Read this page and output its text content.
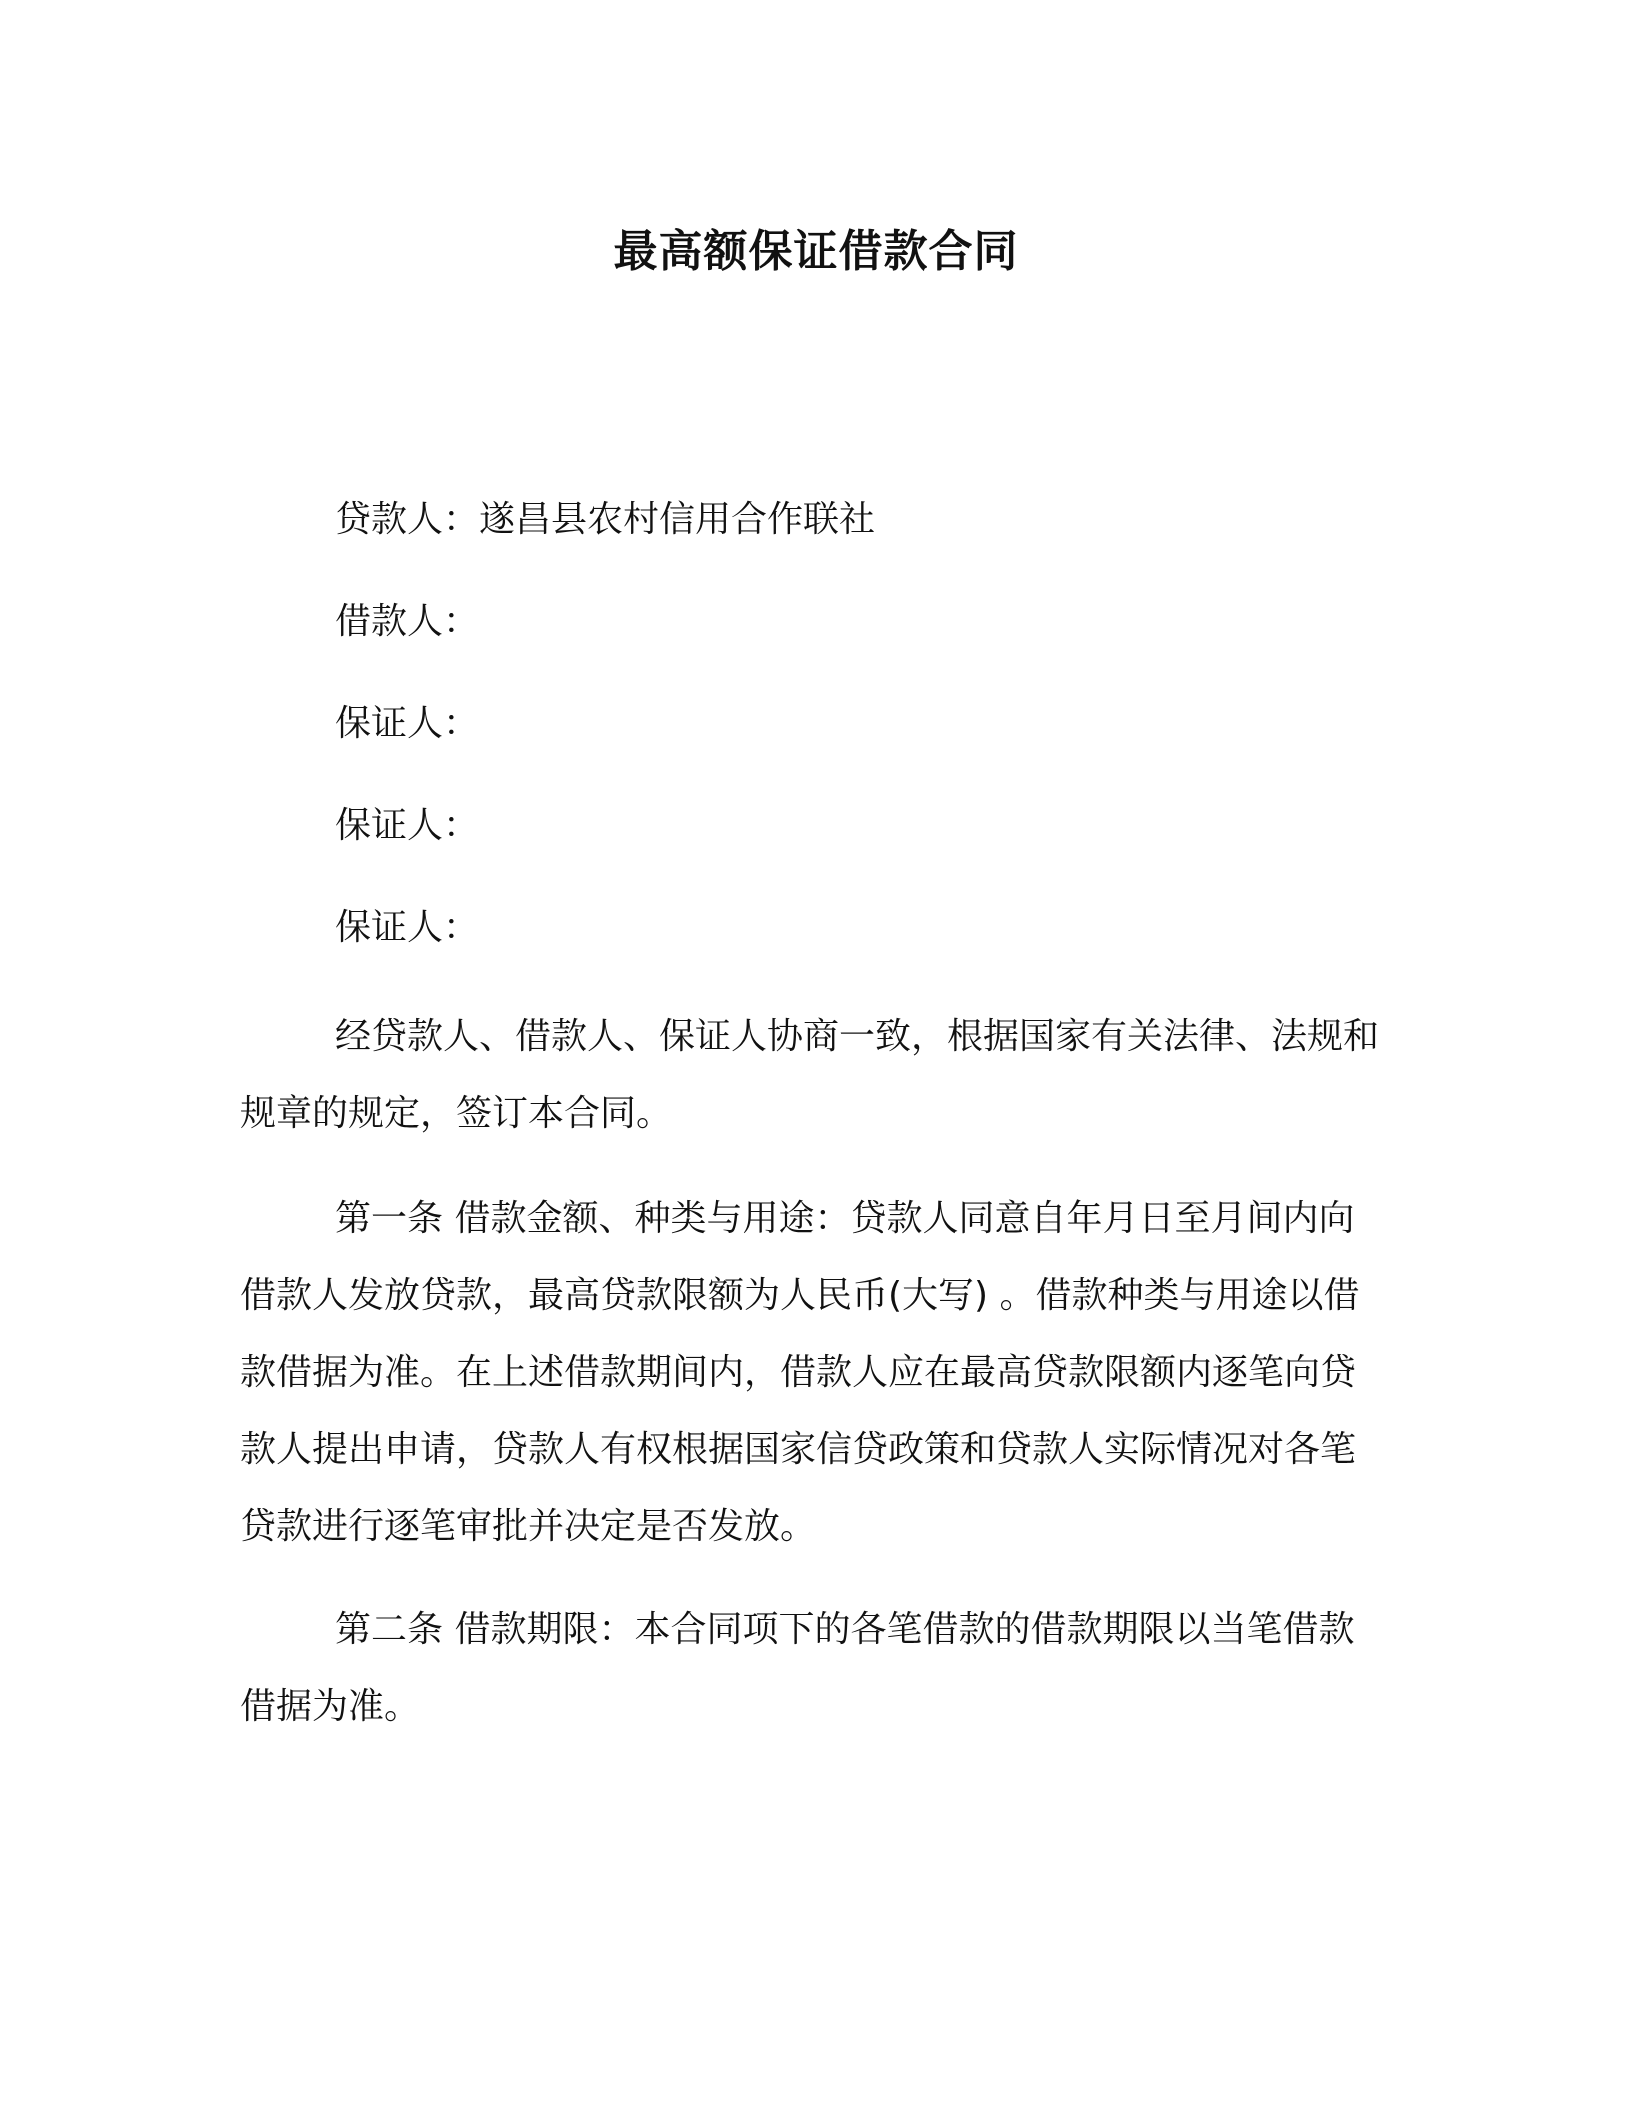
最高额保证借款合同
贷款人：遂昌县农村信用合作联社
借款人：
保证人：
保证人：
保证人：

经贷款人、借款人、保证人协商一致，根据国家有关法律、法规和规章的规定，签订本合同。

第一条 借款金额、种类与用途：贷款人同意自年月日至月间内向借款人发放贷款，最高贷款限额为人民币(大写) 。借款种类与用途以借款借据为准。在上述借款期间内，借款人应在最高贷款限额内逐笔向贷款人提出申请，贷款人有权根据国家信贷政策和贷款人实际情况对各笔贷款进行逐笔审批并决定是否发放。

第二条 借款期限：本合同项下的各笔借款的借款期限以当笔借款借据为准。
